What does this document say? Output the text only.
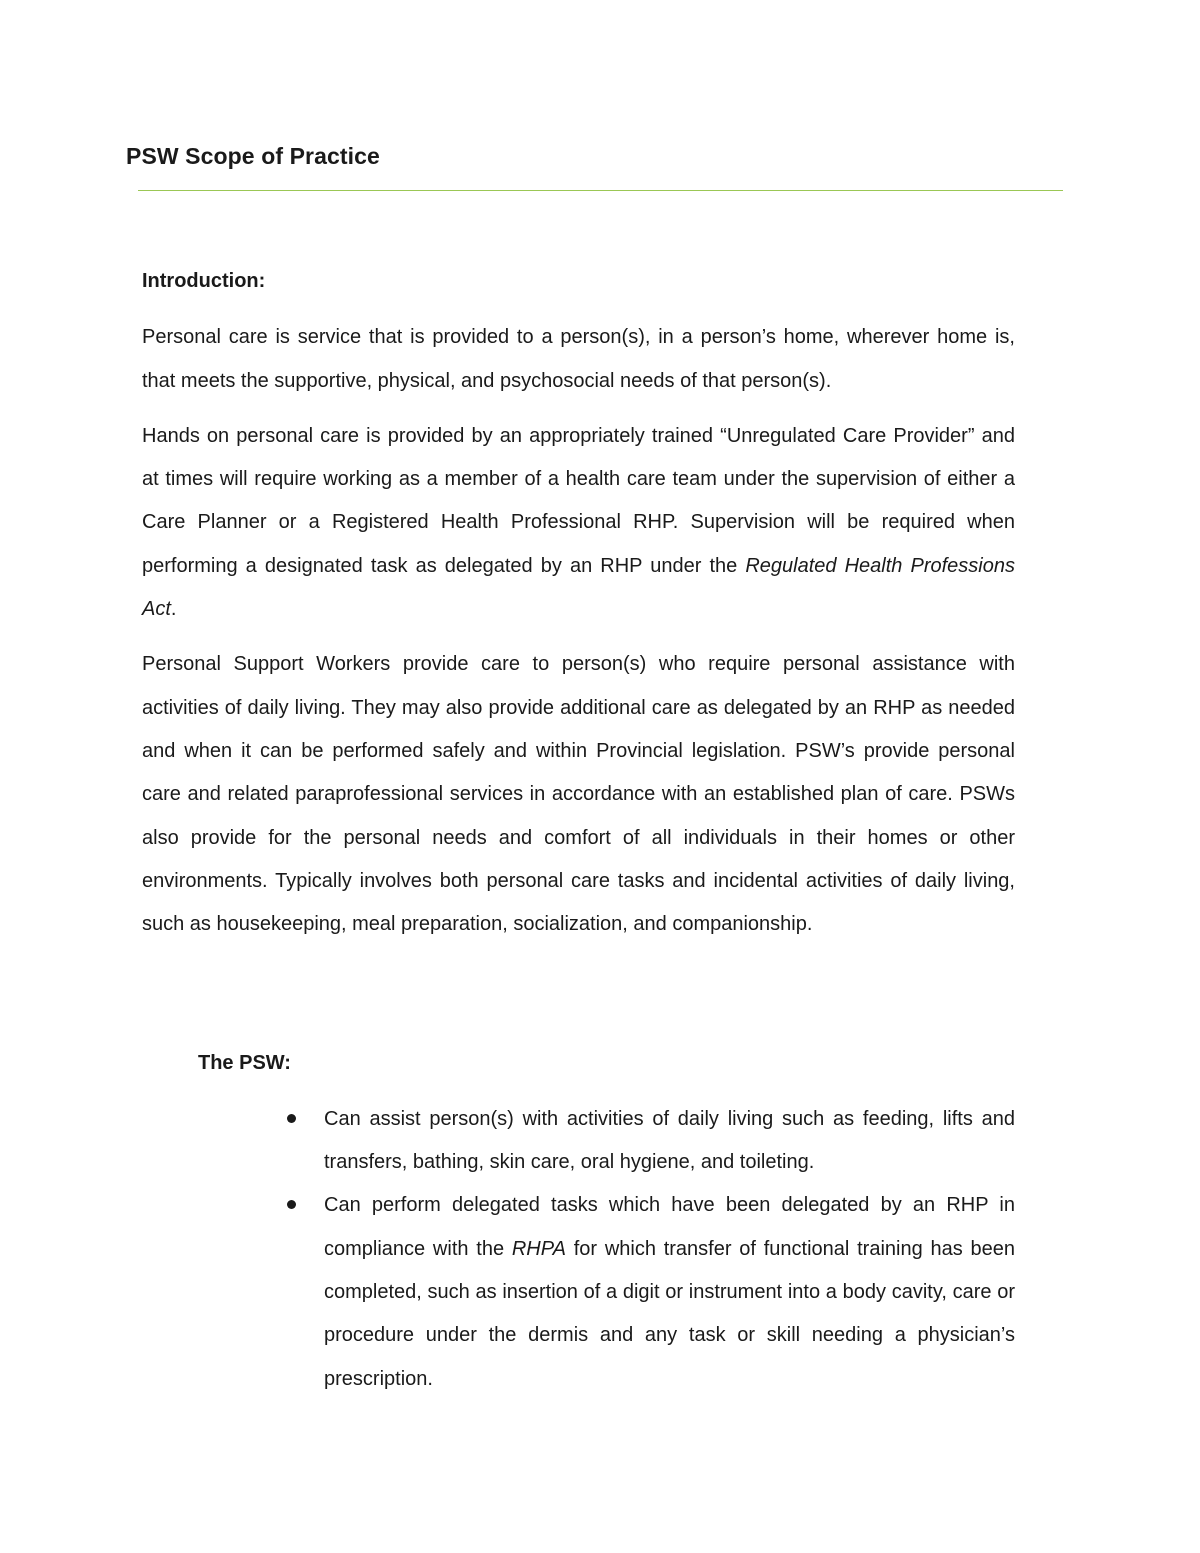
PSW Scope of Practice

Introduction:

Personal care is service that is provided to a person(s), in a person’s home, wherever home is, that meets the supportive, physical, and psychosocial needs of that person(s).

Hands on personal care is provided by an appropriately trained “Unregulated Care Provider” and at times will require working as a member of a health care team under the supervision of either a Care Planner or a Registered Health Professional RHP. Supervision will be required when performing a designated task as delegated by an RHP under the Regulated Health Professions Act.

Personal Support Workers provide care to person(s) who require personal assistance with activities of daily living. They may also provide additional care as delegated by an RHP as needed and when it can be performed safely and within Provincial legislation. PSW’s provide personal care and related paraprofessional services in accordance with an established plan of care. PSWs also provide for the personal needs and comfort of all individuals in their homes or other environments. Typically involves both personal care tasks and incidental activities of daily living, such as housekeeping, meal preparation, socialization, and companionship.

The PSW:

Can assist person(s) with activities of daily living such as feeding, lifts and transfers, bathing, skin care, oral hygiene, and toileting.
Can perform delegated tasks which have been delegated by an RHP in compliance with the RHPA for which transfer of functional training has been completed, such as insertion of a digit or instrument into a body cavity, care or procedure under the dermis and any task or skill needing a physician’s prescription.
